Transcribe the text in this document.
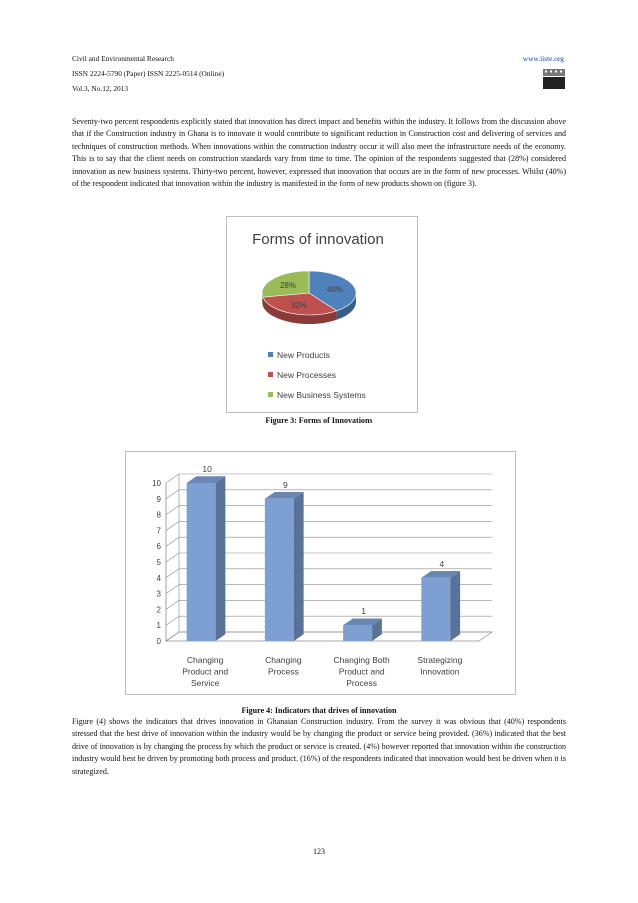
Civil and Environmental Research
ISSN 2224-5790 (Paper) ISSN 2225-0514 (Online)
Vol.3, No.12, 2013
www.iiste.org
Seventy-two percent respondents explicitly stated that innovation has direct impact and benefits within the industry. It follows from the discussion above that if the Construction industry in Ghana is to innovate it would contribute to significant reduction in Construction cost and delivering of services and techniques of construction methods. When innovations within the construction industry occur it will also meet the infrastructure needs of the economy. This is to say that the client needs on construction standards vary from time to time. The opinion of the respondents suggested that (28%) considered innovation as new business systems. Thirty-two percent, however, expressed that innovation that occurs are in the form of new processes. Whilst (40%) of the respondent indicated that innovation within the industry is manifested in the form of new products shown on (figure 3).
Forms of innovation
40%
32%
28%
New Products
New Processes
New Business Systems
Figure 3: Forms of Innovations
0
1
2
3
4
5
6
7
8
9
10
10
Changing
Product and
Service
9
Changing
Process
1
Changing Both
Product and
Process
4
Strategizing
Innovation
Figure 4: Indicators that drives of innovation
Figure (4) shows the indicators that drives innovation in Ghanaian Construction industry. From the survey it was obvious that (40%) respondents stressed that the best drive of innovation within the industry would be by changing the product or service being provided. (36%) indicated that the best drive of innovation is by changing the process by which the product or service is created. (4%) however reported that innovation within the construction industry would best be driven by promoting both process and product. (16%) of the respondents indicated that innovation would best be driven when it is strategized.
123
